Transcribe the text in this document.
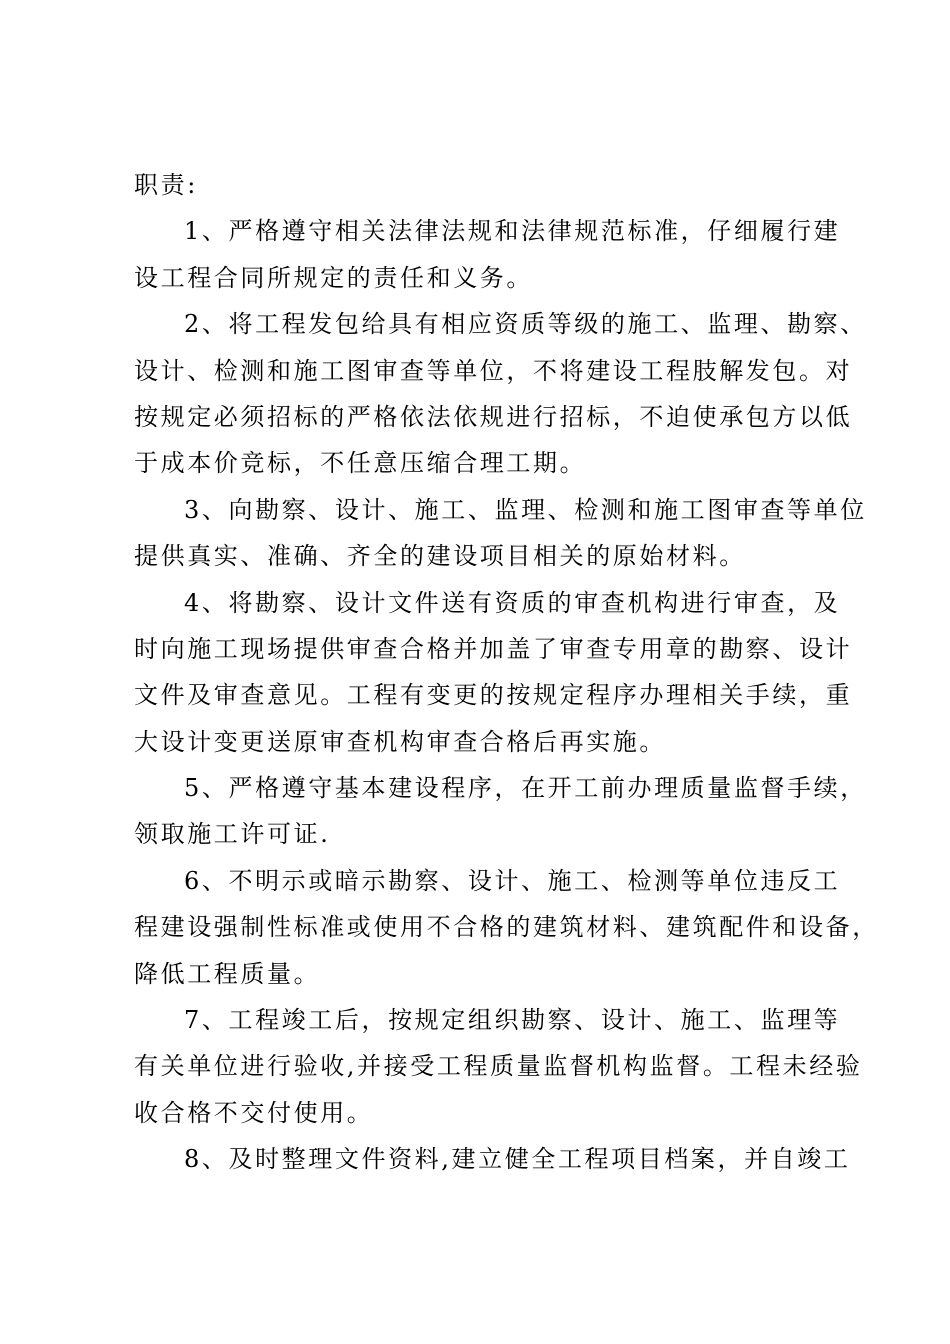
职责:
1、严格遵守相关法律法规和法律规范标准，仔细履行建
设工程合同所规定的责任和义务。
2、将工程发包给具有相应资质等级的施工、监理、勘察、
设计、检测和施工图审查等单位，不将建设工程肢解发包。对
按规定必须招标的严格依法依规进行招标，不迫使承包方以低
于成本价竞标，不任意压缩合理工期。
3、向勘察、设计、施工、监理、检测和施工图审查等单位
提供真实、准确、齐全的建设项目相关的原始材料。
4、将勘察、设计文件送有资质的审查机构进行审查，及
时向施工现场提供审查合格并加盖了审查专用章的勘察、设计
文件及审查意见。工程有变更的按规定程序办理相关手续，重
大设计变更送原审查机构审查合格后再实施。
5、严格遵守基本建设程序，在开工前办理质量监督手续，
领取施工许可证.
6、不明示或暗示勘察、设计、施工、检测等单位违反工
程建设强制性标准或使用不合格的建筑材料、建筑配件和设备，
降低工程质量。
7、工程竣工后，按规定组织勘察、设计、施工、监理等
有关单位进行验收,并接受工程质量监督机构监督。工程未经验
收合格不交付使用。
8、及时整理文件资料,建立健全工程项目档案，并自竣工
